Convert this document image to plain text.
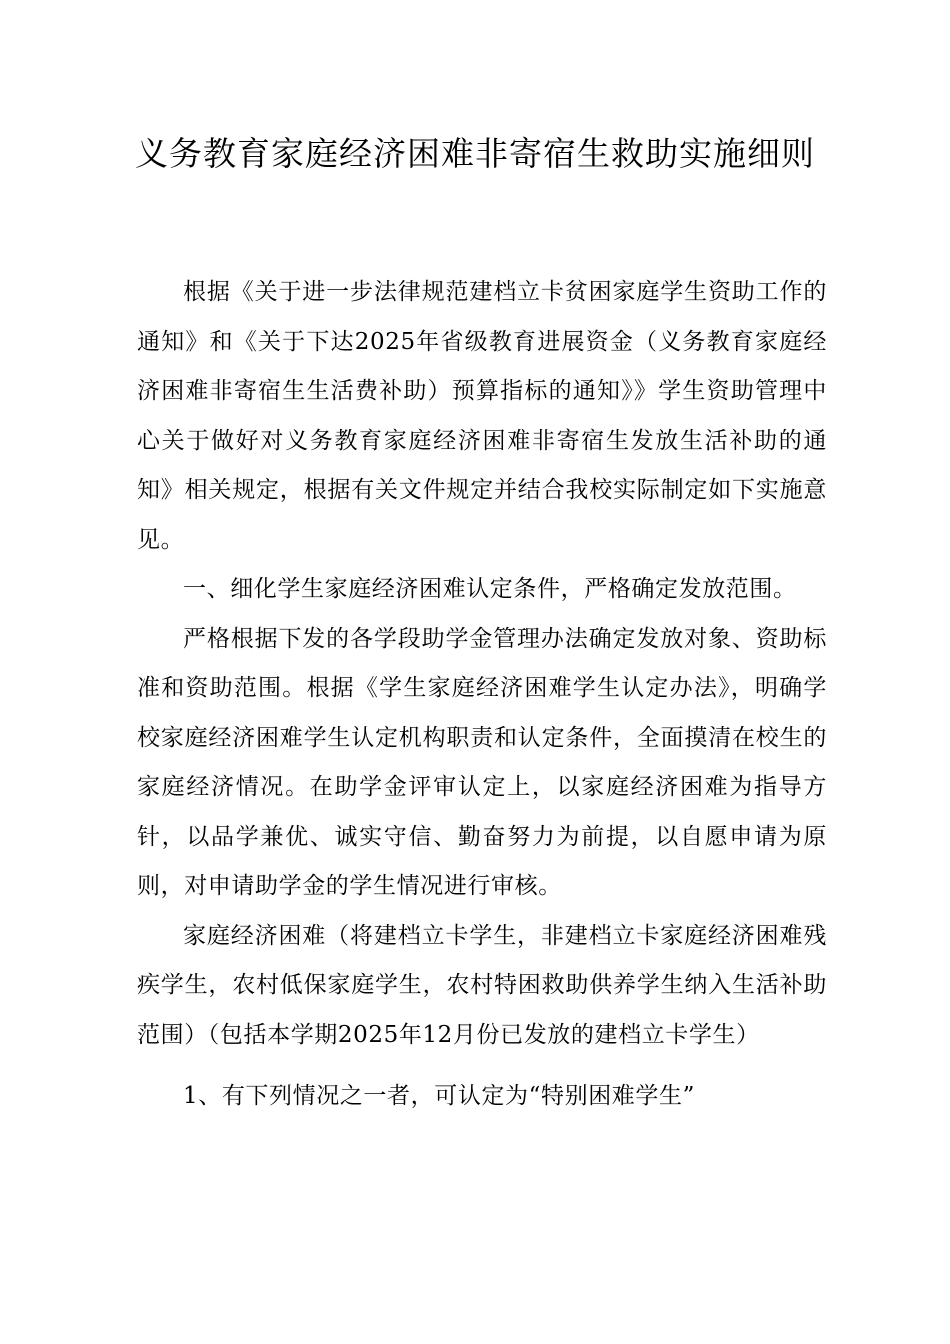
义务教育家庭经济困难非寄宿生救助实施细则

根据《关于进一步法律规范建档立卡贫困家庭学生资助工作的通知》和《关于下达2025年省级教育进展资金（义务教育家庭经济困难非寄宿生生活费补助）预算指标的通知》》学生资助管理中心关于做好对义务教育家庭经济困难非寄宿生发放生活补助的通知》相关规定，根据有关文件规定并结合我校实际制定如下实施意见。

一、细化学生家庭经济困难认定条件，严格确定发放范围。

严格根据下发的各学段助学金管理办法确定发放对象、资助标准和资助范围。根据《学生家庭经济困难学生认定办法》，明确学校家庭经济困难学生认定机构职责和认定条件，全面摸清在校生的家庭经济情况。在助学金评审认定上，以家庭经济困难为指导方针，以品学兼优、诚实守信、勤奋努力为前提，以自愿申请为原则，对申请助学金的学生情况进行审核。

家庭经济困难（将建档立卡学生，非建档立卡家庭经济困难残疾学生，农村低保家庭学生，农村特困救助供养学生纳入生活补助范围）（包括本学期2025年12月份已发放的建档立卡学生）

1、有下列情况之一者，可认定为“特别困难学生”
